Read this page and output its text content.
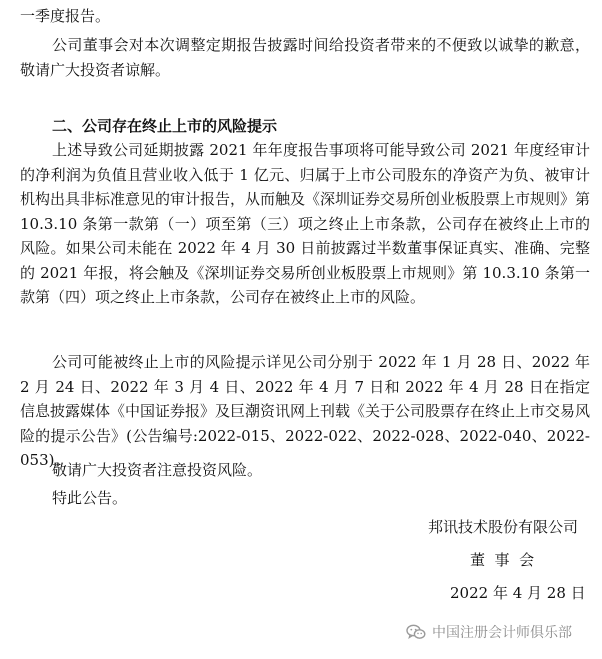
一季度报告。

公司董事会对本次调整定期报告披露时间给投资者带来的不便致以诚挚的歉意，敬请广大投资者谅解。

二、公司存在终止上市的风险提示

上述导致公司延期披露 2021 年年度报告事项将可能导致公司 2021 年度经审计的净利润为负值且营业收入低于 1 亿元、归属于上市公司股东的净资产为负、被审计机构出具非标准意见的审计报告，从而触及《深圳证券交易所创业板股票上市规则》第 10.3.10 条第一款第（一）项至第（三）项之终止上市条款，公司存在被终止上市的风险。如果公司未能在 2022 年 4 月 30 日前披露过半数董事保证真实、准确、完整的 2021 年报，将会触及《深圳证券交易所创业板股票上市规则》第 10.3.10 条第一款第（四）项之终止上市条款，公司存在被终止上市的风险。

公司可能被终止上市的风险提示详见公司分别于 2022 年 1 月 28 日、2022 年 2 月 24 日、2022 年 3 月 4 日、2022 年 4 月 7 日和 2022 年 4 月 28 日在指定信息披露媒体《中国证券报》及巨潮资讯网上刊载《关于公司股票存在终止上市交易风险的提示公告》(公告编号:2022-015、2022-022、2022-028、2022-040、2022-053)。

敬请广大投资者注意投资风险。

特此公告。

邦讯技术股份有限公司
董  事  会
2022 年 4 月 28 日
中国注册会计师俱乐部
